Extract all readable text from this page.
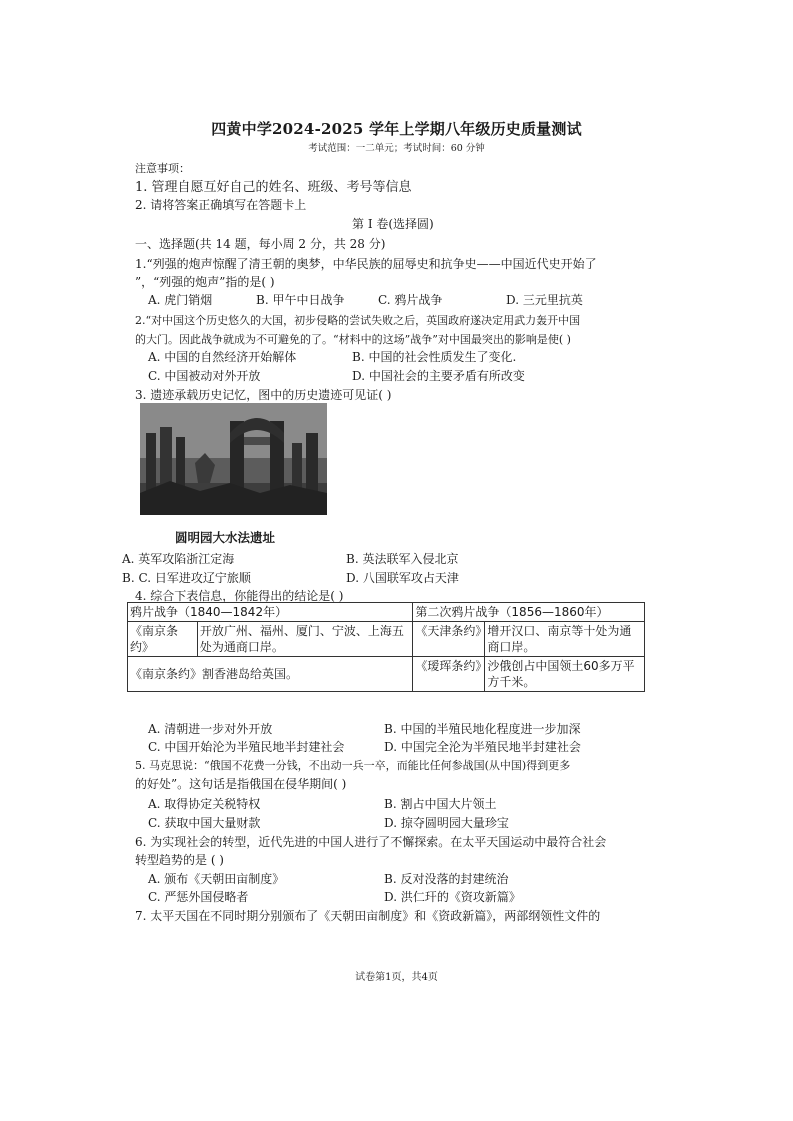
四黄中学2024-2025 学年上学期八年级历史质量测试
考试范围：一二单元；考试时间：60 分钟
注意事项：
1. 管理自愿互好自己的姓名、班级、考号等信息
2. 请将答案正确填写在答题卡上
第 I 卷(选择圆)
一、选择题(共 14 题，每小周 2 分，共 28 分)
1.“列强的炮声惊醒了清王朝的奥梦，中华民族的屈辱史和抗争史——中国近代史开始了
”，“列强的炮声”指的是( )
A. 虎门销烟	B. 甲午中日战争	C. 鸦片战争	D. 三元里抗英
2.“对中国这个历史悠久的大国，初步侵略的尝试失败之后，英国政府遂决定用武力轰开中国
的大门。因此战争就成为不可避免的了。“材料中的这场”战争”对中国最突出的影响是使( )
A. 中国的自然经济开始解体	B. 中国的社会性质发生了变化.
C. 中国被动对外开放	D. 中国社会的主要矛盾有所改变
3. 遗迹承载历史记忆，图中的历史遗迹可见证( )
圆明园大水法遗址
A. 英军攻陷浙江定海	B. 英法联军入侵北京
B. C. 日军进攻辽宁旅顺	D. 八国联军攻占天津
4. 综合下表信息，你能得出的结论是( )
鸦片战争（1840—1842年）		第二次鸦片战争（1856—1860年）	
《南京条约》	开放广州、福州、厦门、宁波、上海五处为通商口岸。	《天津条约》	增开汉口、南京等十处为通商口岸。
《南京条约》割香港岛给英国。		《瑷珲条约》	沙俄创占中国领土60多万平方千米。
A. 清朝进一步对外开放	B. 中国的半殖民地化程度进一步加深
C. 中国开始沦为半殖民地半封建社会	D. 中国完全沦为半殖民地半封建社会
5. 马克思说：“俄国不花费一分钱，不出动一兵一卒，而能比任何参战国(从中国)得到更多
的好处”。这句话是指俄国在侵华期间( )
A. 取得协定关税特权	B. 割占中国大片领土
C. 获取中国大量财款	D. 掠夺圆明园大量珍宝
6. 为实现社会的转型，近代先进的中国人进行了不懈探索。在太平天国运动中最符合社会
转型趋势的是 ( )
A. 颁布《天朝田亩制度》	B. 反对没落的封建统治
C. 严惩外国侵略者	D. 洪仁玕的《资攻新篇》
7. 太平天国在不同时期分别颁布了《天朝田亩制度》和《资政新篇》，两部纲领性文件的
试卷第1页，共4页
